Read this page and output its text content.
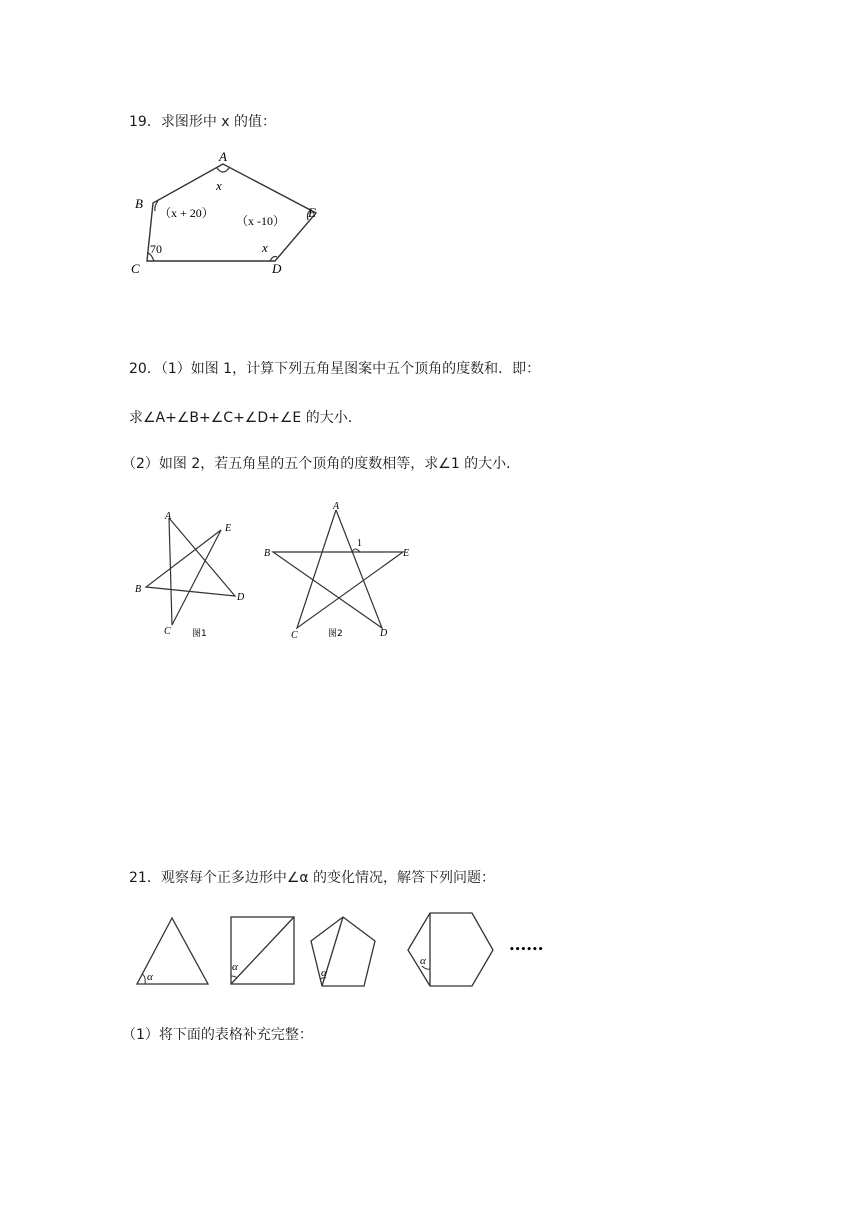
19．求图形中 x 的值：
A
B
C	D
E
x
（x + 20）
（x -10）
x
70
20．（1）如图 1，计算下列五角星图案中五个顶角的度数和．即：
求∠A+∠B+∠C+∠D+∠E 的大小．
（2）如图 2，若五角星的五个顶角的度数相等，求∠1 的大小．
A
E
B
D
C 图1
A
B	E
1
C	D
图2
21．观察每个正多边形中∠α 的变化情况，解答下列问题：
α
α	α
α
••••••
（1）将下面的表格补充完整：
